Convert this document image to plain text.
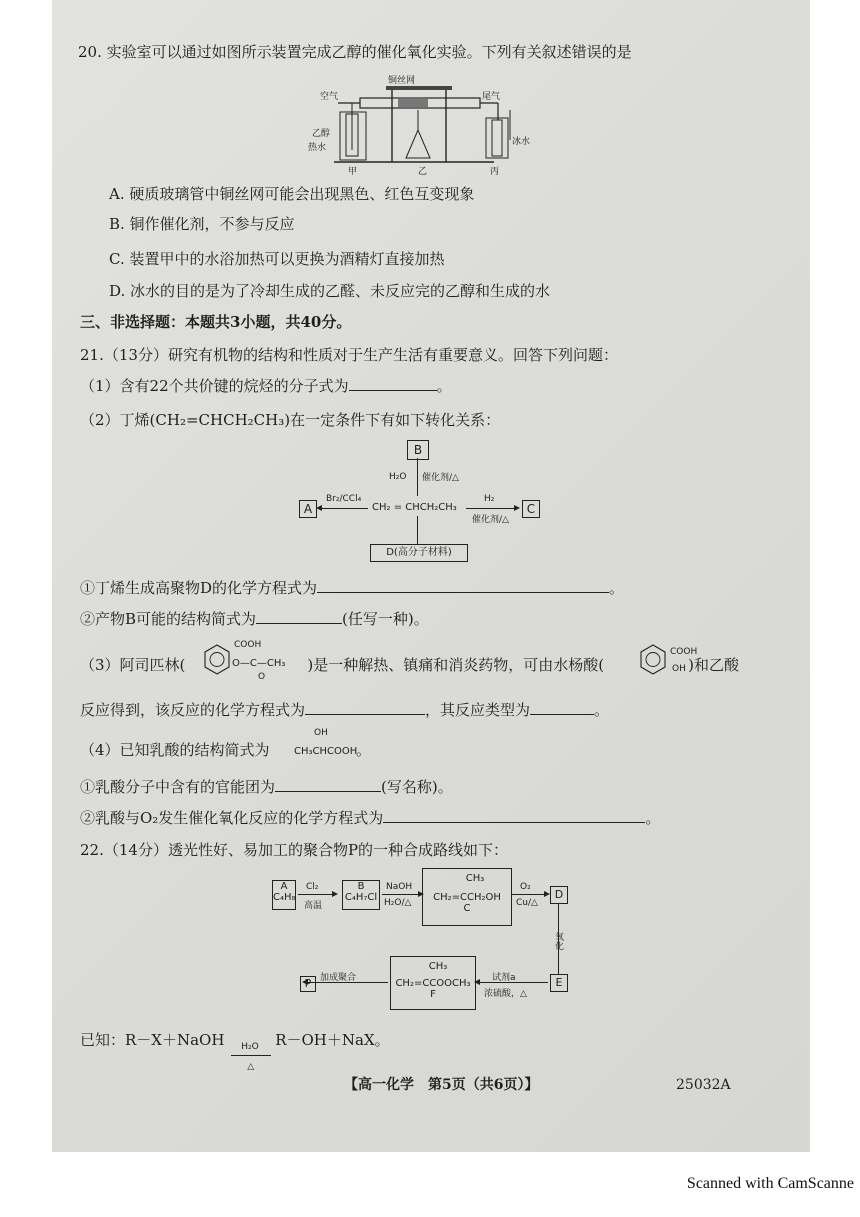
20. 实验室可以通过如图所示装置完成乙醇的催化氧化实验。下列有关叙述错误的是
空气
铜丝网
尾气
乙醇
热水
冰水
甲	乙	丙
A. 硬质玻璃管中铜丝网可能会出现黑色、红色互变现象
B. 铜作催化剂，不参与反应
C. 装置甲中的水浴加热可以更换为酒精灯直接加热
D. 冰水的目的是为了冷却生成的乙醛、未反应完的乙醇和生成的水
三、非选择题：本题共3小题，共40分。
21.（13分）研究有机物的结构和性质对于生产生活有重要意义。回答下列问题：
（1）含有22个共价键的烷烃的分子式为	。
（2）丁烯(CH₂=CHCH₂CH₃)在一定条件下有如下转化关系：
B
H₂O 催化剂/△
A
Br₂/CCl₄
CH₂ = CHCH₂CH₃
H₂
催化剂/△
C
D(高分子材料)
①丁烯生成高聚物D的化学方程式为	。
②产物B可能的结构简式为	(任写一种)。
（3）阿司匹林(	)是一种解热、镇痛和消炎药物，可由水杨酸(	)和乙酸
COOH
O—C—CH₃
O
COOH
OH
反应得到，该反应的化学方程式为	，其反应类型为	。
（4）已知乳酸的结构简式为
OH
CH₃CHCOOH
。
①乳酸分子中含有的官能团为	(写名称)。
②乳酸与O₂发生催化氧化反应的化学方程式为	。
22.（14分）透光性好、易加工的聚合物P的一种合成路线如下：
A
C₄H₈
Cl₂
高温
B
C₄H₇Cl
NaOH
H₂O/△
CH₃
CH₂=CCH₂OH
C
O₂
Cu/△
D
氧化
E
试剂a
浓硫酸，△
CH₃
CH₂=CCOOCH₃
F
加成聚合
P
已知：R－X＋NaOH H₂O
△
R－OH＋NaX。
【高一化学　第5页（共6页）】	25032A
Scanned with CamScanne
